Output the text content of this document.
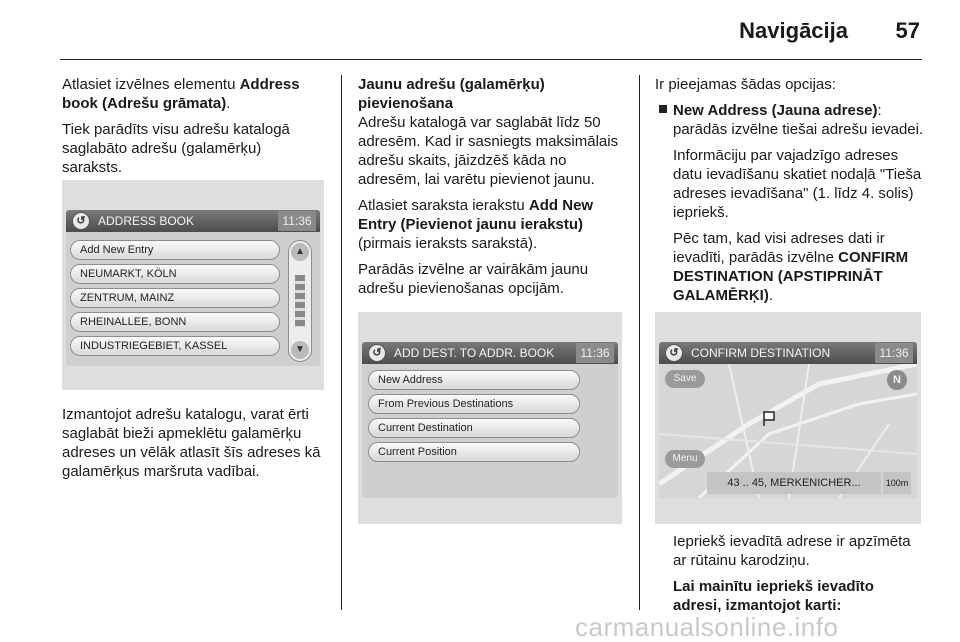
Navigācija 57

Atlasiet izvēlnes elementu Address book (Adrešu grāmata).

Tiek parādīts visu adrešu katalogā saglabāto adrešu (galamērķu) saraksts.

↺	ADDRESS BOOK	11:36
Add New Entry
NEUMARKT, KÖLN
ZENTRUM, MAINZ
RHEINALLEE, BONN
INDUSTRIEGEBIET, KASSEL
▲
▼

Izmantojot adrešu katalogu, varat ērti saglabāt bieži apmeklētu galamērķu adreses un vēlāk atlasīt šīs adreses kā galamērķus maršruta vadībai.

Jaunu adrešu (galamērķu) pievienošana
Adrešu katalogā var saglabāt līdz 50 adresēm. Kad ir sasniegts maksimālais adrešu skaits, jāizdzēš kāda no adresēm, lai varētu pievienot jaunu.

Atlasiet saraksta ierakstu Add New Entry (Pievienot jaunu ierakstu) (pirmais ieraksts sarakstā).

Parādās izvēlne ar vairākām jaunu adrešu pievienošanas opcijām.

↺	ADD DEST. TO ADDR. BOOK	11:36
New Address
From Previous Destinations
Current Destination
Current Position

Ir pieejamas šādas opcijas:

New Address (Jauna adrese): parādās izvēlne tiešai adrešu ievadei.

Informāciju par vajadzīgo adreses datu ievadīšanu skatiet nodaļā "Tieša adreses ievadīšana" (1. līdz 4. solis) iepriekš.

Pēc tam, kad visi adreses dati ir ievadīti, parādās izvēlne CONFIRM DESTINATION (APSTIPRINĀT GALAMĒRĶI).

↺	CONFIRM DESTINATION	11:36
N
Save
Menu
43 .. 45, MERKENICHER...	100m

Iepriekš ievadītā adrese ir apzīmēta ar rūtainu karodziņu.

Lai mainītu iepriekš ievadīto adresi, izmantojot karti:

carmanualsonline.info
